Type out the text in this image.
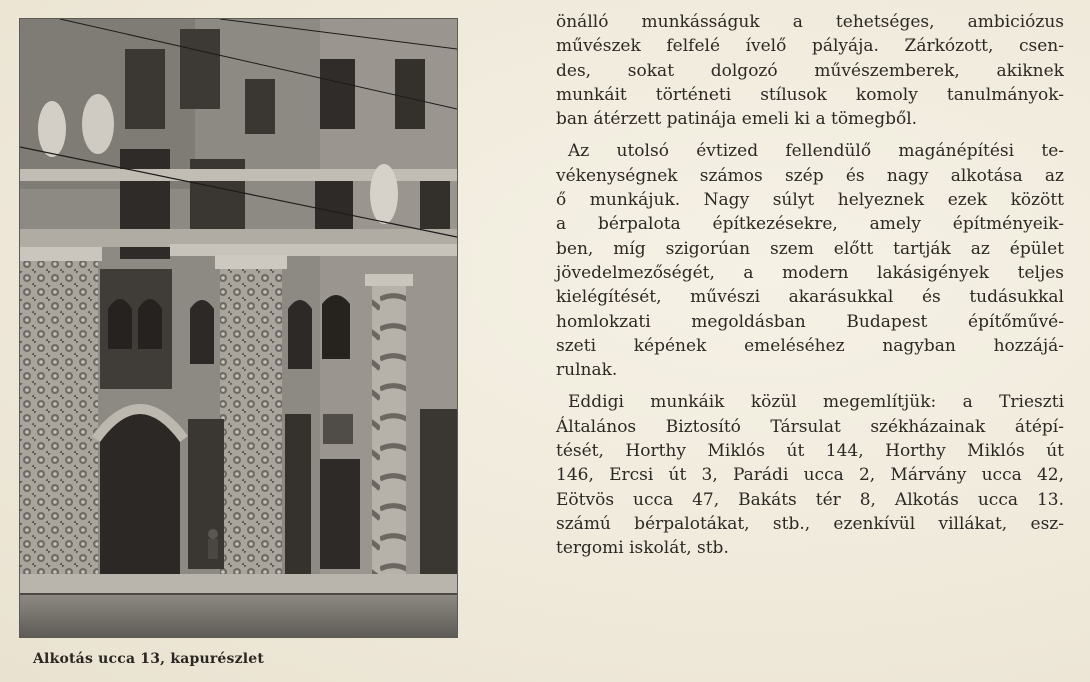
Alkotás ucca 13, kapurészlet
önálló munkásságuk a tehetséges, ambiciózus
művészek felfelé ívelő pályája. Zárkózott, csen-
des, sokat dolgozó művészemberek, akiknek
munkáit történeti stílusok komoly tanulmányok-
ban átérzett patinája emeli ki a tömegből.
Az utolsó évtized fellendülő magánépítési te-
vékenységnek számos szép és nagy alkotása az
ő munkájuk. Nagy súlyt helyeznek ezek között
a bérpalota építkezésekre, amely építményeik-
ben, míg szigorúan szem előtt tartják az épület
jövedelmezőségét, a modern lakásigények teljes
kielégítését, művészi akarásukkal és tudásukkal
homlokzati megoldásban Budapest építőművé-
szeti képének emeléséhez nagyban hozzájá-
rulnak.
Eddigi munkáik közül megemlítjük: a Trieszti
Általános Biztosító Társulat székházainak átépí-
tését, Horthy Miklós út 144, Horthy Miklós út
146, Ercsi út 3, Parádi ucca 2, Márvány ucca 42,
Eötvös ucca 47, Bakáts tér 8, Alkotás ucca 13.
számú bérpalotákat, stb., ezenkívül villákat, esz-
tergomi iskolát, stb.
